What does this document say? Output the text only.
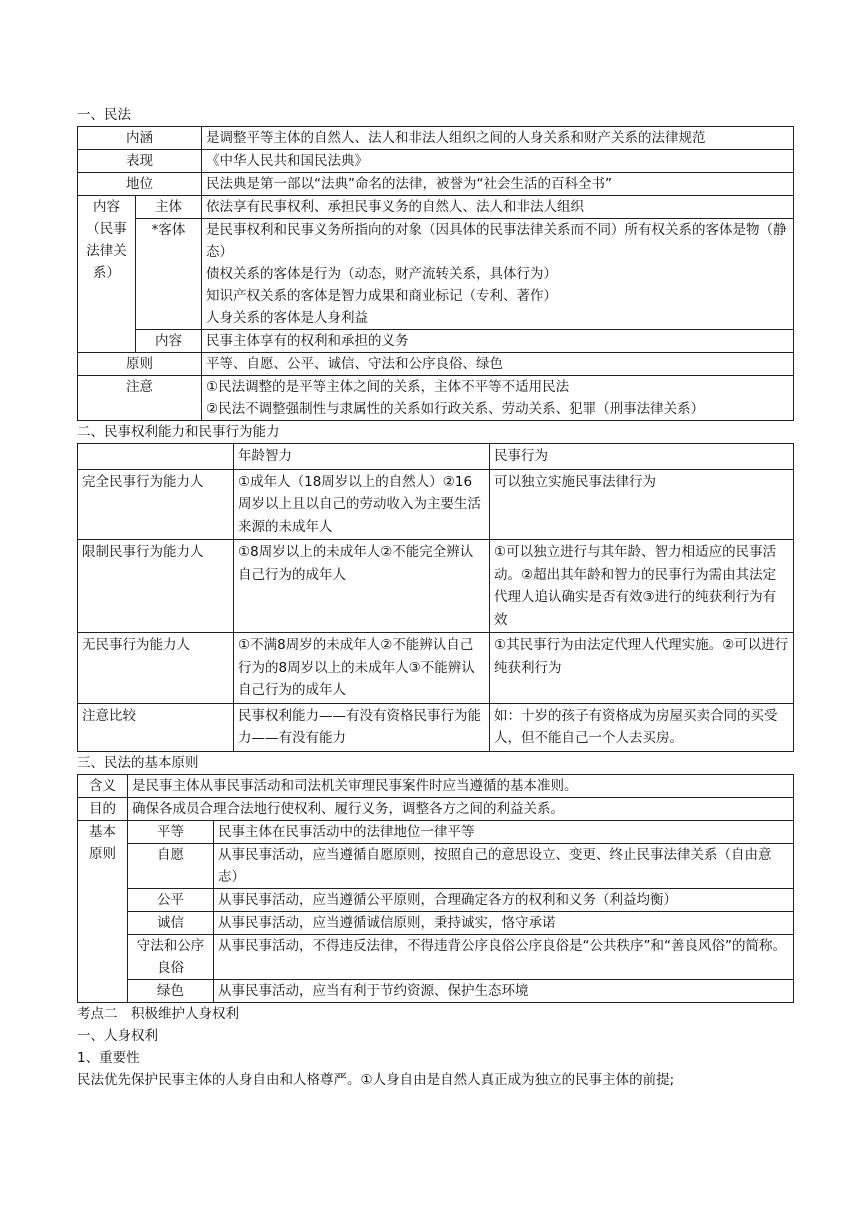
一、民法
内涵		是调整平等主体的自然人、法人和非法人组织之间的人身关系和财产关系的法律规范
表现		《中华人民共和国民法典》
地位		民法典是第一部以“法典”命名的法律，被誉为“社会生活的百科全书”
内容（民事法律关系）	主体	依法享有民事权利、承担民事义务的自然人、法人和非法人组织
	*客体	是民事权利和民事义务所指向的对象（因具体的民事法律关系而不同）所有权关系的客体是物（静态）

债权关系的客体是行为（动态，财产流转关系，具体行为）

知识产权关系的客体是智力成果和商业标记（专利、著作）

人身关系的客体是人身利益

	内容	民事主体享有的权利和承担的义务
原则		平等、自愿、公平、诚信、守法和公序良俗、绿色
注意		①民法调整的是平等主体之间的关系，主体不平等不适用民法

②民法不调整强制性与隶属性的关系如行政关系、劳动关系、犯罪（刑事法律关系）

二、民事权利能力和民事行为能力
	年龄智力	民事行为
完全民事行为能力人	①成年人（18周岁以上的自然人）②16 周岁以上且以自己的劳动收入为主要生活来源的未成年人	可以独立实施民事法律行为
限制民事行为能力人	①8周岁以上的未成年人②不能完全辨认自己行为的成年人	①可以独立进行与其年龄、智力相适应的民事活动。②超出其年龄和智力的民事行为需由其法定代理人追认确实是否有效③进行的纯获利行为有效
无民事行为能力人	①不满8周岁的未成年人②不能辨认自己行为的8周岁以上的未成年人③不能辨认自己行为的成年人	①其民事行为由法定代理人代理实施。②可以进行纯获利行为
注意比较	民事权利能力——有没有资格民事行为能力——有没有能力	如：十岁的孩子有资格成为房屋买卖合同的买受人，但不能自己一个人去买房。
三、民法的基本原则
含义	是民事主体从事民事活动和司法机关审理民事案件时应当遵循的基本准则。	
目的	确保各成员合理合法地行使权利、履行义务，调整各方之间的利益关系。	
基本原则	平等	民事主体在民事活动中的法律地位一律平等
	自愿	从事民事活动，应当遵循自愿原则，按照自己的意思设立、变更、终止民事法律关系（自由意志）
	公平	从事民事活动，应当遵循公平原则，合理确定各方的权利和义务（利益均衡）
	诚信	从事民事活动，应当遵循诚信原则，秉持诚实，恪守承诺
	守法和公序良俗	从事民事活动，不得违反法律，不得违背公序良俗公序良俗是“公共秩序”和“善良风俗”的简称。
	绿色	从事民事活动，应当有利于节约资源、保护生态环境
考点二　积极维护人身权利
一、人身权利
1、重要性
民法优先保护民事主体的人身自由和人格尊严。①人身自由是自然人真正成为独立的民事主体的前提;
